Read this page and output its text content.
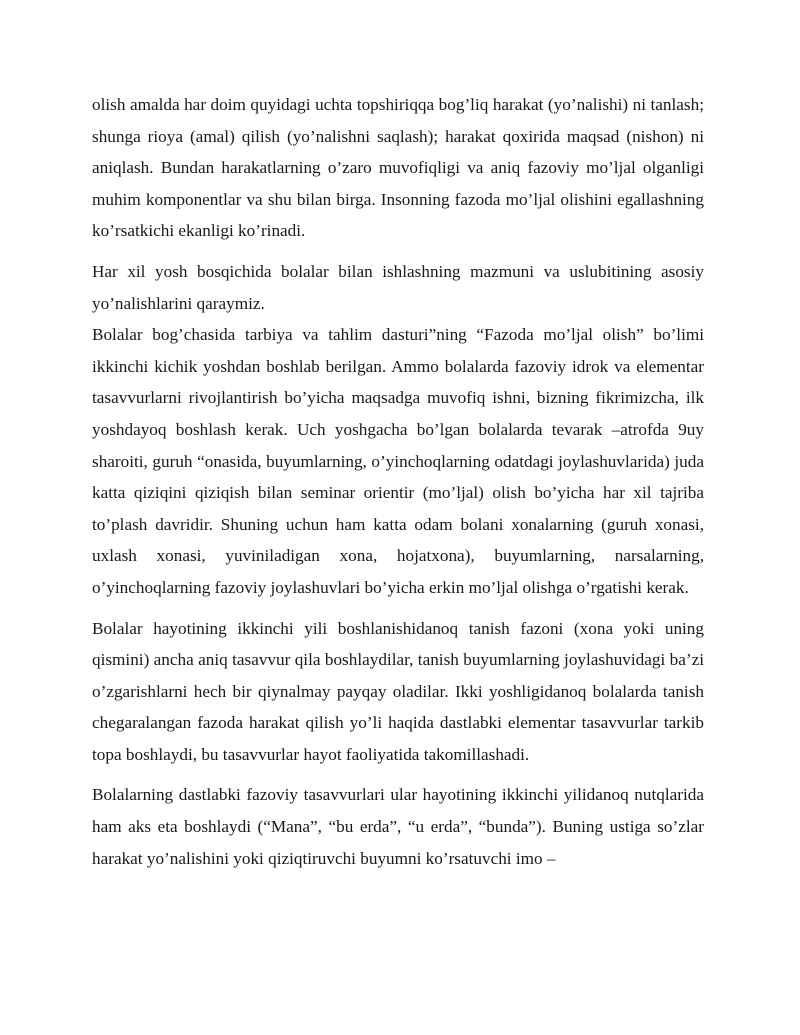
olish amalda har doim quyidagi uchta topshiriqqa bog’liq harakat (yo’nalishi) ni tanlash; shunga rioya (amal) qilish (yo’nalishni saqlash); harakat qoxiridа maqsad (nishon) ni aniqlash. Bundan harakatlarning o’zaro muvofiqligi va aniq fazoviy mo’ljal olganligi muhim komponentlar va shu bilan birga. Insonning fazoda mo’ljal olishini egallashning ko’rsatkichi ekanligi ko’rinadi.

Har xil yosh bosqichida bolalar bilan ishlashning mazmuni va uslubitining asosiy yo’nalishlarini qaraymiz.

Bolalar bog’chasida tarbiya va tahlim dasturi”ning “Fazoda mo’ljal olish” bo’limi ikkinchi kichik yoshdan boshlab berilgan. Ammo bolalarda fazoviy idrok va elementar tasavvurlarni rivojlantirish bo’yicha maqsadga muvofiq ishni, bizning fikrimizcha, ilk yoshdayoq boshlash kerak. Uch yoshgacha bo’lgan bolalarda tevarak –atrofda 9uy sharoiti, guruh “onasida, buyumlarning, o’yinchoqlarning odatdagi joylashuvlarida) juda katta qiziqini qiziqish bilan seminar orientir (mo’ljal) olish bo’yicha har xil tajriba to’plash davridir. Shuning uchun ham katta odam bolani xonalarning (guruh xonasi, uxlash xonasi, yuviniladigan xona, hojatxona), buyumlarning, narsalarning, o’yinchoqlarning fazoviy joylashuvlari bo’yicha erkin mo’ljal olishga o’rgatishi kerak.

Bolalar hayotining ikkinchi yili boshlanishidanoq tanish fazoni (xona yoki uning qismini) ancha aniq tasavvur qila boshlaydilar, tanish buyumlarning joylashuvidagi ba’zi o’zgarishlarni hech bir qiynalmay payqay oladilar. Ikki yoshligidanoq bolalarda tanish chegaralangan fazoda harakat qilish yo’li haqida dastlabki elementar tasavvurlar tarkib topa boshlaydi, bu tasavvurlar hayot faoliyatida takomillashadi.

Bolalarning dastlabki fazoviy tasavvurlari ular hayotining ikkinchi yilidanoq nutqlarida ham aks eta boshlaydi (“Mana”, “bu erda”, “u erda”, “bunda”). Buning ustiga so’zlar harakat yo’nalishini yoki qiziqtiruvchi buyumni ko’rsatuvchi imo –
